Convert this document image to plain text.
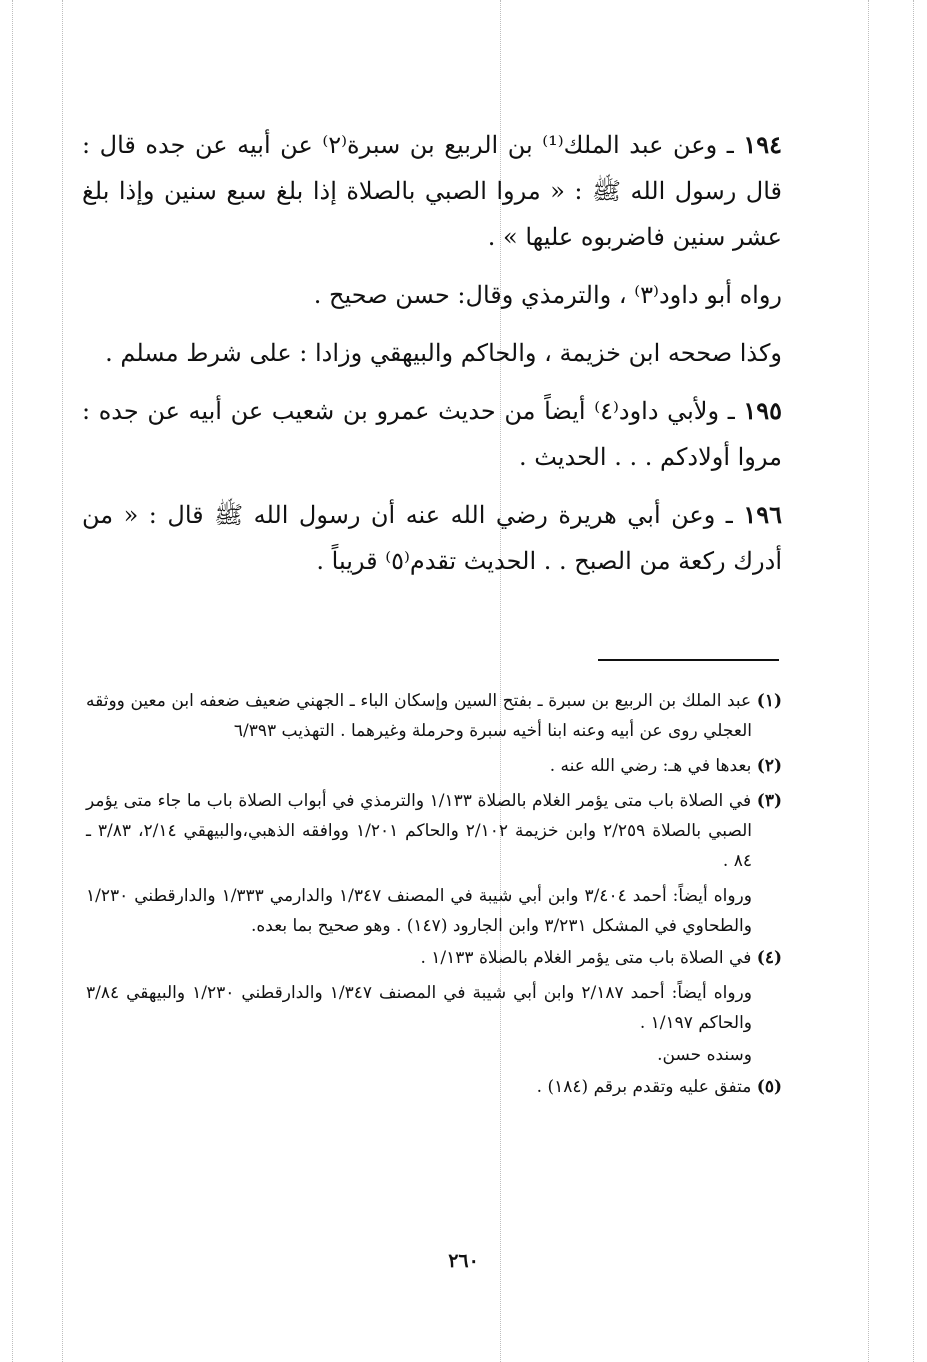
١٩٤ ـ وعن عبد الملك⁽¹⁾ بن الربيع بن سبرة⁽٢⁾ عن أبيه عن جده قال : قال رسول الله ﷺ : « مروا الصبي بالصلاة إذا بلغ سبع سنين وإذا بلغ عشر سنين فاضربوه عليها » .

رواه أبو داود⁽٣⁾ ، والترمذي وقال: حسن صحيح .

وكذا صححه ابن خزيمة ، والحاكم والبيهقي وزادا : على شرط مسلم .

١٩٥ ـ ولأبي داود⁽٤⁾ أيضاً من حديث عمرو بن شعيب عن أبيه عن جده : مروا أولادكم . . . الحديث .

١٩٦ ـ وعن أبي هريرة رضي الله عنه أن رسول الله ﷺ قال : « من أدرك ركعة من الصبح . . الحديث تقدم⁽٥⁾ قريباً .

(١) عبد الملك بن الربيع بن سبرة ـ بفتح السين وإسكان الباء ـ الجهني ضعيف ضعفه ابن معين ووثقه العجلي روى عن أبيه وعنه ابنا أخيه سبرة وحرملة وغيرهما . التهذيب ٦/٣٩٣

(٢) بعدها في هـ: رضي الله عنه .

(٣) في الصلاة باب متى يؤمر الغلام بالصلاة ١/١٣٣ والترمذي في أبواب الصلاة باب ما جاء متى يؤمر الصبي بالصلاة ٢/٢٥٩ وابن خزيمة ٢/١٠٢ والحاكم ١/٢٠١ ووافقه الذهبي،والبيهقي ٢/١٤، ٣/٨٣ ـ ٨٤ .

ورواه أيضاً: أحمد ٣/٤٠٤ وابن أبي شيبة في المصنف ١/٣٤٧ والدارمي ١/٣٣٣ والدارقطني ١/٢٣٠ والطحاوي في المشكل ٣/٢٣١ وابن الجارود (١٤٧) . وهو صحيح بما بعده.

(٤) في الصلاة باب متى يؤمر الغلام بالصلاة ١/١٣٣ .

ورواه أيضاً: أحمد ٢/١٨٧ وابن أبي شيبة في المصنف ١/٣٤٧ والدارقطني ١/٢٣٠ والبيهقي ٣/٨٤ والحاكم ١/١٩٧ .

وسنده حسن.

(٥) متفق عليه وتقدم برقم (١٨٤) .

٢٦٠
